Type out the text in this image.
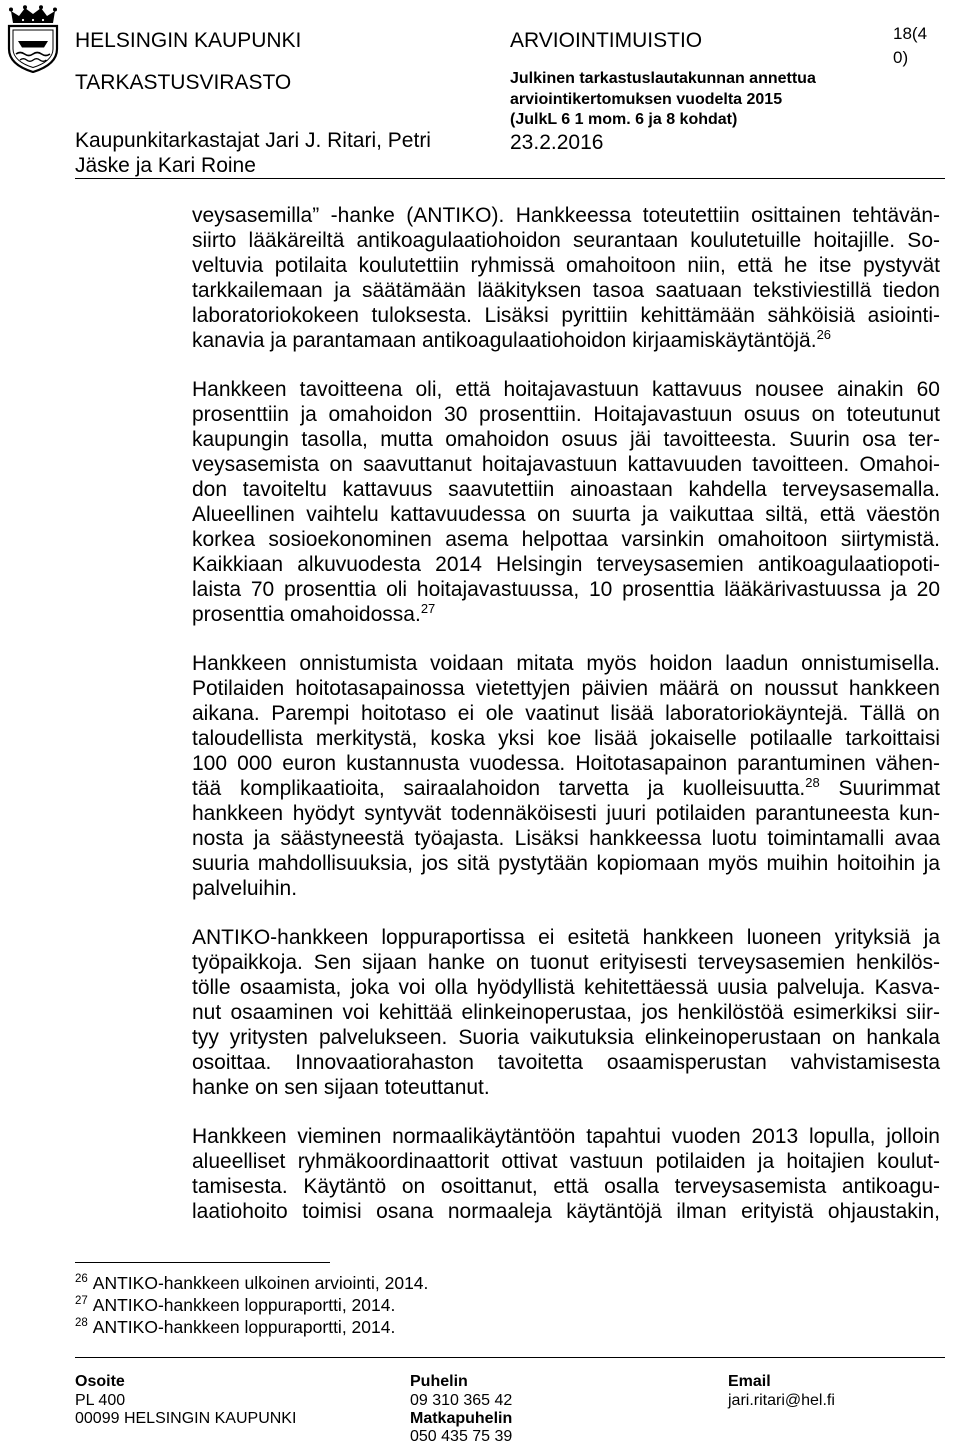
HELSINGIN KAUPUNKI
TARKASTUSVIRASTO
Kaupunkitarkastajat Jari J. Ritari, Petri
Jäske ja Kari Roine
ARVIOINTIMUISTIO
Julkinen tarkastuslautakunnan annettua
arviointikertomuksen vuodelta 2015
(JulkL 6 1 mom. 6 ja 8 kohdat)
23.2.2016
18(4
0)
veysasemilla” -hanke (ANTIKO). Hankkeessa toteutettiin osittainen tehtävän-
siirto lääkäreiltä antikoagulaatiohoidon seurantaan koulutetuille hoitajille. So-
veltuvia potilaita koulutettiin ryhmissä omahoitoon niin, että he itse pystyvät
tarkkailemaan ja säätämään lääkityksen tasoa saatuaan tekstiviestillä tiedon
laboratoriokokeen tuloksesta. Lisäksi pyrittiin kehittämään sähköisiä asiointi-
kanavia ja parantamaan antikoagulaatiohoidon kirjaamiskäytäntöjä.$^{26}$
Hankkeen tavoitteena oli, että hoitajavastuun kattavuus nousee ainakin 60
prosenttiin ja omahoidon 30 prosenttiin. Hoitajavastuun osuus on toteutunut
kaupungin tasolla, mutta omahoidon osuus jäi tavoitteesta. Suurin osa ter-
veysasemista on saavuttanut hoitajavastuun kattavuuden tavoitteen. Omahoi-
don tavoiteltu kattavuus saavutettiin ainoastaan kahdella terveysasemalla.
Alueellinen vaihtelu kattavuudessa on suurta ja vaikuttaa siltä, että väestön
korkea sosioekonominen asema helpottaa varsinkin omahoitoon siirtymistä.
Kaikkiaan alkuvuodesta 2014 Helsingin terveysasemien antikoagulaatiopoti-
laista 70 prosenttia oli hoitajavastuussa, 10 prosenttia lääkärivastuussa ja 20
prosenttia omahoidossa.$^{27}$
Hankkeen onnistumista voidaan mitata myös hoidon laadun onnistumisella.
Potilaiden hoitotasapainossa vietettyjen päivien määrä on noussut hankkeen
aikana. Parempi hoitotaso ei ole vaatinut lisää laboratoriokäyntejä. Tällä on
taloudellista merkitystä, koska yksi koe lisää jokaiselle potilaalle tarkoittaisi
100 000 euron kustannusta vuodessa. Hoitotasapainon parantuminen vähen-
tää komplikaatioita, sairaalahoidon tarvetta ja kuolleisuutta.$^{28}$ Suurimmat
hankkeen hyödyt syntyvät todennäköisesti juuri potilaiden parantuneesta kun-
nosta ja säästyneestä työajasta. Lisäksi hankkeessa luotu toimintamalli avaa
suuria mahdollisuuksia, jos sitä pystytään kopiomaan myös muihin hoitoihin ja
palveluihin.
ANTIKO-hankkeen loppuraportissa ei esitetä hankkeen luoneen yrityksiä ja
työpaikkoja. Sen sijaan hanke on tuonut erityisesti terveysasemien henkilös-
tölle osaamista, joka voi olla hyödyllistä kehitettäessä uusia palveluja. Kasva-
nut osaaminen voi kehittää elinkeinoperustaa, jos henkilöstöä esimerkiksi siir-
tyy yritysten palvelukseen. Suoria vaikutuksia elinkeinoperustaan on hankala
osoittaa. Innovaatiorahaston tavoitetta osaamisperustan vahvistamisesta
hanke on sen sijaan toteuttanut.
Hankkeen vieminen normaalikäytäntöön tapahtui vuoden 2013 lopulla, jolloin
alueelliset ryhmäkoordinaattorit ottivat vastuun potilaiden ja hoitajien koulut-
tamisesta. Käytäntö on osoittanut, että osalla terveysasemista antikoagu-
laatiohoito toimisi osana normaaleja käytäntöjä ilman erityistä ohjaustakin,
$^{26}$ ANTIKO-hankkeen ulkoinen arviointi, 2014.
$^{27}$ ANTIKO-hankkeen loppuraportti, 2014.
$^{28}$ ANTIKO-hankkeen loppuraportti, 2014.
Osoite
PL 400
00099 HELSINGIN KAUPUNKI
Puhelin
09 310 365 42
Matkapuhelin
050 435 75 39
Email
jari.ritari@hel.fi
